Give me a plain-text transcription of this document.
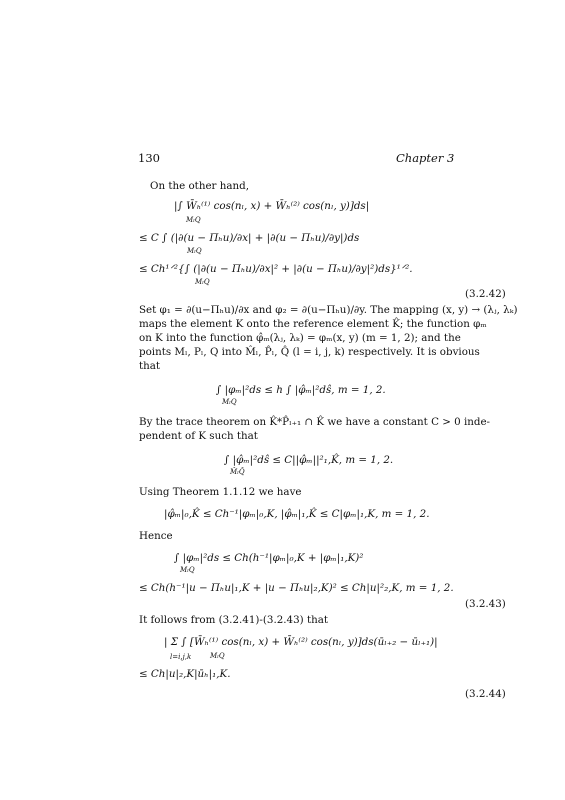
130	Chapter 3
On the other hand,
|∫ W̄ₕ⁽¹⁾ cos(nₗ, x) + W̄ₕ⁽²⁾ cos(nₗ, y)]ds|
MₗQ
≤ C ∫ (|∂(u − Πₕu)/∂x| + |∂(u − Πₕu)/∂y|)ds
MₗQ
≤ Ch¹ᐟ²{∫ (|∂(u − Πₕu)/∂x|² + |∂(u − Πₕu)/∂y|²)ds}¹ᐟ².
MₗQ
(3.2.42)
Set φ₁ = ∂(u−Πₕu)/∂x and φ₂ = ∂(u−Πₕu)/∂y. The mapping (x, y) → (λⱼ, λₖ)
maps the element K onto the reference element K̂; the function φₘ
on K into the function φ̂ₘ(λⱼ, λₖ) = φₘ(x, y) (m = 1, 2); and the
points Mₗ, Pₗ, Q into M̂ₗ, P̂ₗ, Q̂ (l = i, j, k) respectively. It is obvious
that
∫ |φₘ|²ds ≤ h ∫ |φ̂ₘ|²dŝ, m = 1, 2.
MₗQ
By the trace theorem on K̂*P̂ₗ₊₁ ∩ K̂ we have a constant C > 0 inde-
pendent of K such that
∫ |φ̂ₘ|²dŝ ≤ C||φ̂ₘ||²₁,K̂, m = 1, 2.
M̂ₗQ̂
Using Theorem 1.1.12 we have
|φ̂ₘ|₀,K̂ ≤ Ch⁻¹|φₘ|₀,K, |φ̂ₘ|₁,K̂ ≤ C|φₘ|₁,K, m = 1, 2.
Hence
∫ |φₘ|²ds ≤ Ch(h⁻¹|φₘ|₀,K + |φₘ|₁,K)²
MₗQ
≤ Ch(h⁻¹|u − Πₕu|₁,K + |u − Πₕu|₂,K)² ≤ Ch|u|²₂,K, m = 1, 2.
(3.2.43)
It follows from (3.2.41)-(3.2.43) that
| Σ ∫ [W̄ₕ⁽¹⁾ cos(nₗ, x) + W̄ₕ⁽²⁾ cos(nₗ, y)]ds(ūₗ₊₂ − ūₗ₊₁)|
l=i,j,k	MₗQ
≤ Ch|u|₂,K|ūₕ|₁,K.
(3.2.44)
